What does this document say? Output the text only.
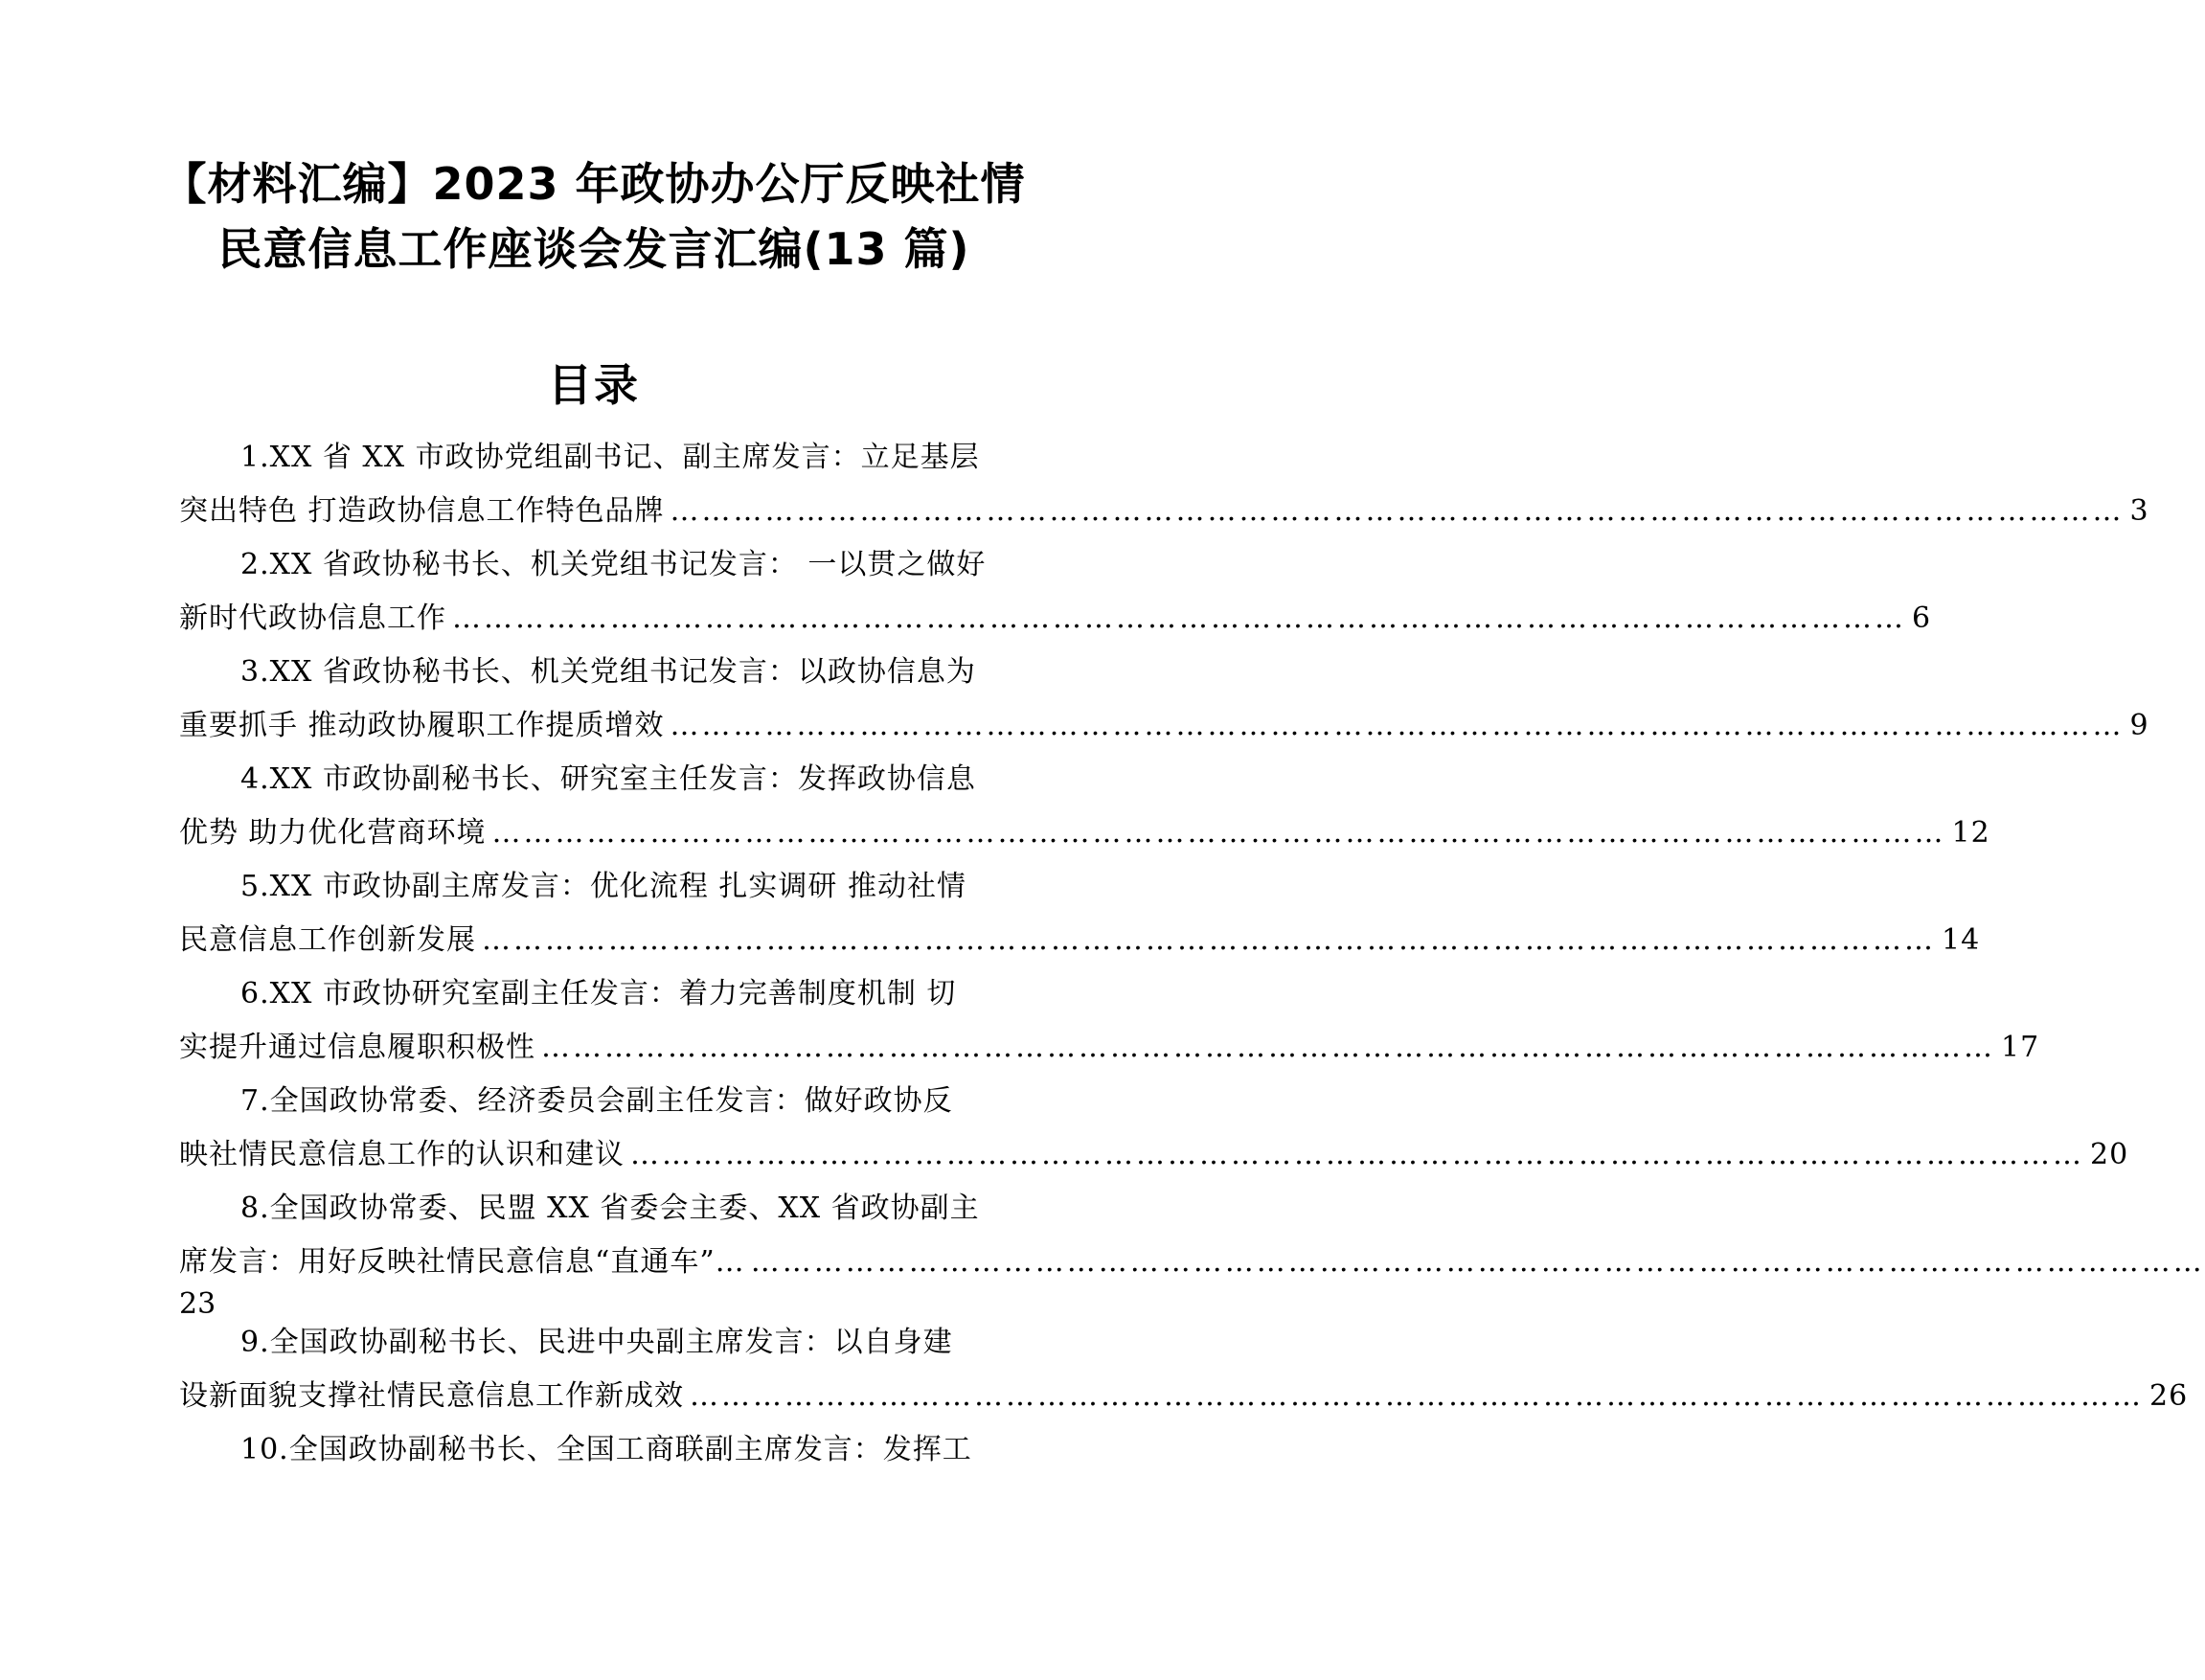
【材料汇编】2023 年政协办公厅反映社情
民意信息工作座谈会发言汇编(13 篇)
目录
1.XX 省 XX 市政协党组副书记、副主席发言：立足基层
突出特色 打造政协信息工作特色品牌 ………………………………………………………………………………………………………………………… 3
2.XX 省政协秘书长、机关党组书记发言： 一以贯之做好
新时代政协信息工作 ………………………………………………………………………………………………………………………… 6
3.XX 省政协秘书长、机关党组书记发言：以政协信息为
重要抓手 推动政协履职工作提质增效 ………………………………………………………………………………………………………………………… 9
4.XX 市政协副秘书长、研究室主任发言：发挥政协信息
优势 助力优化营商环境 ………………………………………………………………………………………………………………………… 12
5.XX 市政协副主席发言：优化流程 扎实调研 推动社情
民意信息工作创新发展 ………………………………………………………………………………………………………………………… 14
6.XX 市政协研究室副主任发言：着力完善制度机制 切
实提升通过信息履职积极性 ………………………………………………………………………………………………………………………… 17
7.全国政协常委、经济委员会副主任发言：做好政协反
映社情民意信息工作的认识和建议 ………………………………………………………………………………………………………………………… 20
8.全国政协常委、民盟 XX 省委会主委、XX 省政协副主
席发言：用好反映社情民意信息“直通车”… …………………………………………………………………………………………………………………………
23
9.全国政协副秘书长、民进中央副主席发言：以自身建
设新面貌支撑社情民意信息工作新成效 ………………………………………………………………………………………………………………………… 26
10.全国政协副秘书长、全国工商联副主席发言：发挥工
